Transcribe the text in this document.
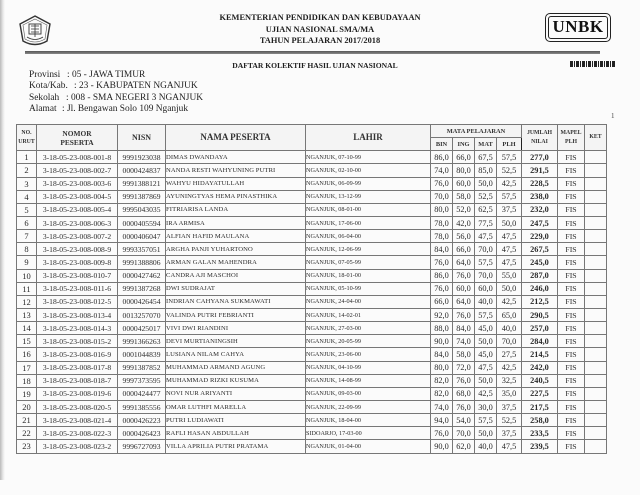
KEMENTERIAN PENDIDIKAN DAN KEBUDAYAAN
UJIAN NASIONAL SMA/MA
TAHUN PELAJARAN 2017/2018
UNBK
DAFTAR KOLEKTIF HASIL UJIAN NASIONAL
Provinsi : 05 - JAWA TIMUR
Kota/Kab. : 23 - KABUPATEN NGANJUK
Sekolah : 008 - SMA NEGERI 3 NGANJUK
Alamat : Jl. Bengawan Solo 109 Nganjuk
1
NO.
URUT	NOMOR
PESERTA	NISN	NAMA PESERTA	LAHIR	MATA PELAJARAN				JUMLAH
NILAI	MAPEL
PLH	KET
					BIN	ING	MAT	PLH			
1	3-18-05-23-008-001-8	9991923038	DIMAS DWANDAYA	NGANJUK, 07-10-99	86,0	66,0	67,5	57,5	277,0	FIS	
2	3-18-05-23-008-002-7	0000424837	NANDA RESTI WAHYUNING PUTRI	NGANJUK, 02-10-00	74,0	80,0	85,0	52,5	291,5	FIS	
3	3-18-05-23-008-003-6	9991388121	WAHYU HIDAYATULLAH	NGANJUK, 06-09-99	76,0	60,0	50,0	42,5	228,5	FIS	
4	3-18-05-23-008-004-5	9991387869	AYUNINGTYAS HEMA PINASTHIKA	NGANJUK, 13-12-99	70,0	58,0	52,5	57,5	238,0	FIS	
5	3-18-05-23-008-005-4	9995043035	FITRIARISA LANDA	NGANJUK, 08-01-00	80,0	52,0	62,5	37,5	232,0	FIS	
6	3-18-05-23-008-006-3	0000405594	IRA ARMISA	NGANJUK, 17-06-00	78,0	42,0	77,5	50,0	247,5	FIS	
7	3-18-05-23-008-007-2	0000406047	ALFIAN HAFID MAULANA	NGANJUK, 06-04-00	78,0	56,0	47,5	47,5	229,0	FIS	
8	3-18-05-23-008-008-9	9993357051	ARGHA PANJI YUHARTONO	NGANJUK, 12-06-99	84,0	66,0	70,0	47,5	267,5	FIS	
9	3-18-05-23-008-009-8	9991388806	ARMAN GALAN MAHENDRA	NGANJUK, 07-05-99	76,0	64,0	57,5	47,5	245,0	FIS	
10	3-18-05-23-008-010-7	0000427462	CANDRA AJI MASCHOI	NGANJUK, 18-01-00	86,0	76,0	70,0	55,0	287,0	FIS	
11	3-18-05-23-008-011-6	9991387268	DWI SUDRAJAT	NGANJUK, 05-10-99	76,0	60,0	60,0	50,0	246,0	FIS	
12	3-18-05-23-008-012-5	0000426454	INDRIAN CAHYANA SUKMAWATI	NGANJUK, 24-04-00	66,0	64,0	40,0	42,5	212,5	FIS	
13	3-18-05-23-008-013-4	0013257070	VALINDA PUTRI FEBRIANTI	NGANJUK, 14-02-01	92,0	76,0	57,5	65,0	290,5	FIS	
14	3-18-05-23-008-014-3	0000425017	VIVI DWI RIANDINI	NGANJUK, 27-03-00	88,0	84,0	45,0	40,0	257,0	FIS	
15	3-18-05-23-008-015-2	9991366263	DEVI MURTIANINGSIH	NGANJUK, 20-05-99	90,0	74,0	50,0	70,0	284,0	FIS	
16	3-18-05-23-008-016-9	0001044839	LUSIANA NILAM CAHYA	NGANJUK, 23-06-00	84,0	58,0	45,0	27,5	214,5	FIS	
17	3-18-05-23-008-017-8	9991387852	MUHAMMAD ARMAND AGUNG	NGANJUK, 04-10-99	80,0	72,0	47,5	42,5	242,0	FIS	
18	3-18-05-23-008-018-7	9997373595	MUHAMMAD RIZKI KUSUMA	NGANJUK, 14-08-99	82,0	76,0	50,0	32,5	240,5	FIS	
19	3-18-05-23-008-019-6	0000424477	NOVI NUR ARIYANTI	NGANJUK, 09-03-00	82,0	68,0	42,5	35,0	227,5	FIS	
20	3-18-05-23-008-020-5	9991385556	OMAR LUTHFI MARELLA	NGANJUK, 22-09-99	74,0	76,0	30,0	37,5	217,5	FIS	
21	3-18-05-23-008-021-4	0000426223	PUTRI LUDIAWATI	NGANJUK, 18-04-00	94,0	54,0	57,5	52,5	258,0	FIS	
22	3-18-05-23-008-022-3	0000426423	RAFLI HASAN ABDULLAH	SIDOARJO, 17-03-00	76,0	70,0	50,0	37,5	233,5	FIS	
23	3-18-05-23-008-023-2	9996727093	VILLA APRILIA PUTRI PRATAMA	NGANJUK, 01-04-00	90,0	62,0	40,0	47,5	239,5	FIS	
